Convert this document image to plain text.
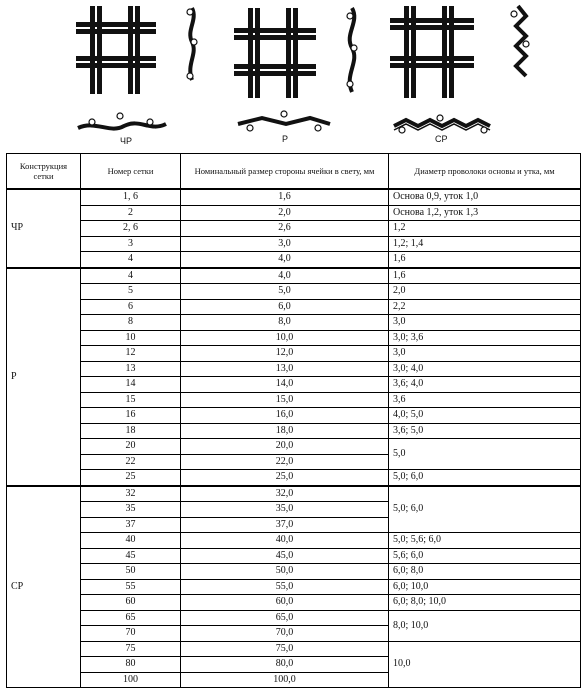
ЧР	Р	СР
Конструкция сетки	Номер сетки	Номинальный размер стороны ячейки в свету, мм	Диаметр проволоки основы и утка, мм
ЧР	1, 6	1,6	Основа 0,9, уток 1,0
	2	2,0	Основа 1,2, уток 1,3
	2, 6	2,6	1,2
	3	3,0	1,2; 1,4
	4	4,0	1,6
Р	4	4,0	1,6
	5	5,0	2,0
	6	6,0	2,2
	8	8,0	3,0
	10	10,0	3,0; 3,6
	12	12,0	3,0
	13	13,0	3,0; 4,0
	14	14,0	3,6; 4,0
	15	15,0	3,6
	16	16,0	4,0; 5,0
	18	18,0	3,6; 5,0
	20	20,0	5,0
	22	22,0	
	25	25,0	5,0; 6,0
СР	32	32,0	5,0; 6,0
	35	35,0	
	37	37,0	
	40	40,0	5,0; 5,6; 6,0
	45	45,0	5,6; 6,0
	50	50,0	6,0; 8,0
	55	55,0	6,0; 10,0
	60	60,0	6,0; 8,0; 10,0
	65	65,0	8,0; 10,0
	70	70,0	
	75	75,0	10,0
	80	80,0	
	100	100,0	
